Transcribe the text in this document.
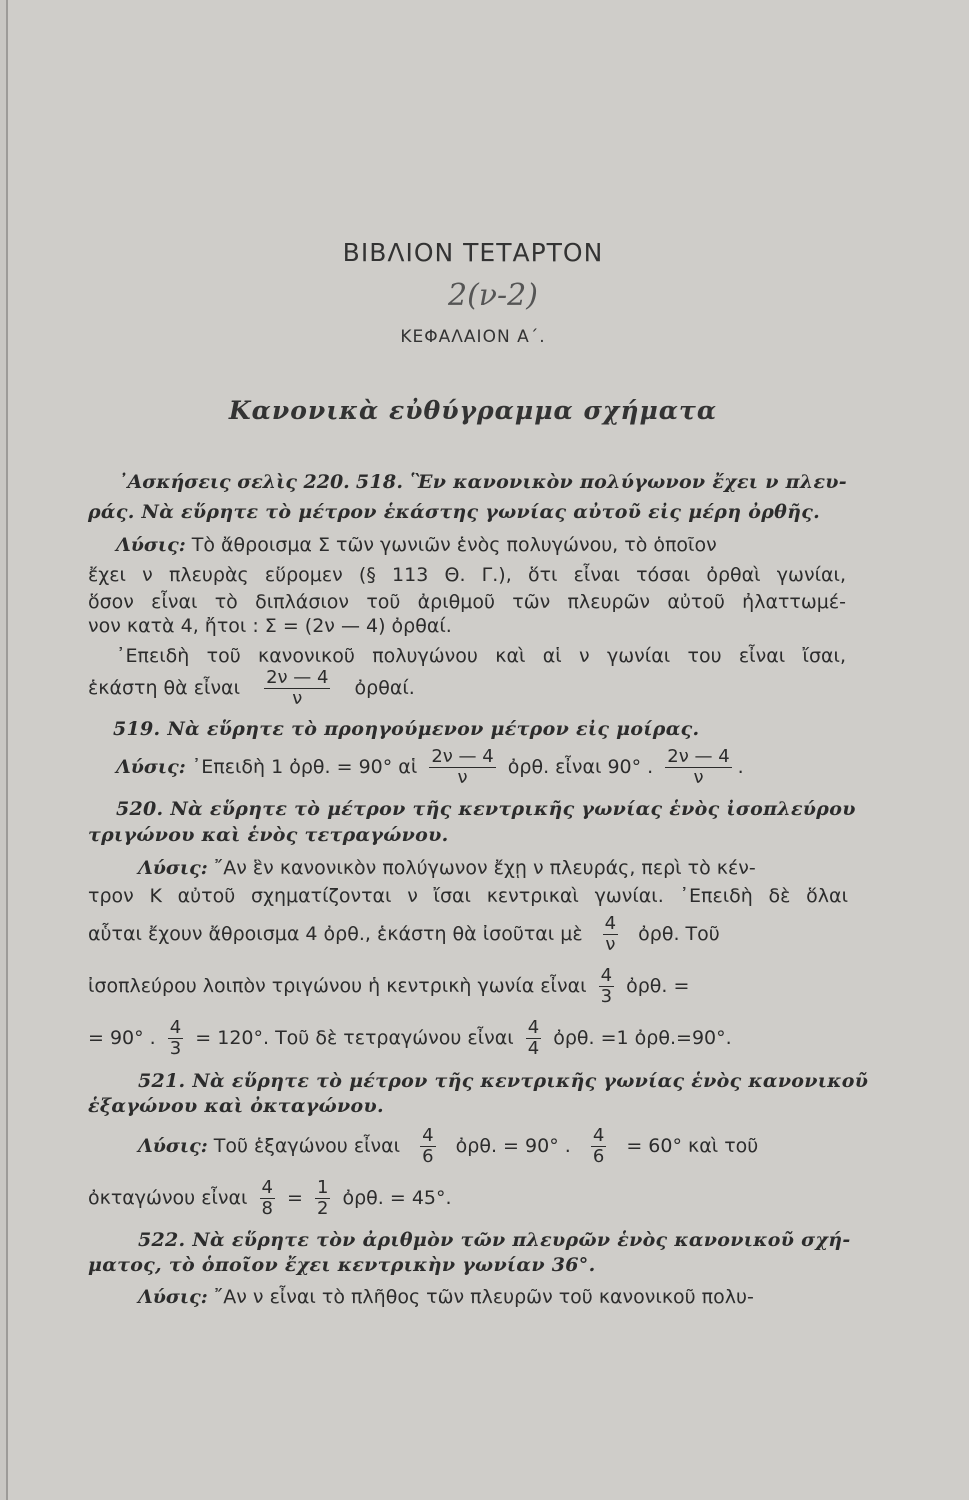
ΒΙΒΛΙΟΝ ΤΕΤΑΡΤΟΝ
2(ν-2)
ΚΕΦΑΛΑΙΟΝ Α΄.
Κανονικὰ εὐθύγραμμα σχήματα
᾿Ασκήσεις σελὶς 220. 518. Ἓν κανονικὸν πολύγωνον ἔχει ν πλευ-
ράς. Νὰ εὕρητε τὸ μέτρον ἑκάστης γωνίας αὐτοῦ εἰς μέρη ὀρθῆς.
Λύσις: Τὸ ἄθροισμα Σ τῶν γωνιῶν ἑνὸς πολυγώνου, τὸ ὁποῖον
ἔχει ν πλευρὰς εὕρομεν (§ 113 Θ. Γ.), ὅτι εἶναι τόσαι ὀρθαὶ γωνίαι,
ὅσον εἶναι τὸ διπλάσιον τοῦ ἀριθμοῦ τῶν πλευρῶν αὐτοῦ ἠλαττωμέ-
νον κατὰ 4, ἤτοι : Σ = (2ν — 4) ὀρθαί.
᾿Επειδὴ τοῦ κανονικοῦ πολυγώνου καὶ αἱ ν γωνίαι του εἶναι ἴσαι,
ἑκάστη θὰ εἶναι $\frac{2\nu — 4}{\nu}$ ὀρθαί.
519. Νὰ εὕρητε τὸ προηγούμενον μέτρον εἰς μοίρας.
Λύσις: ᾿Επειδὴ 1 ὀρθ. = 90° αἱ $\frac{2\nu — 4}{\nu}$ ὀρθ. εἶναι 90° . $\frac{2\nu — 4}{\nu}$ .
520. Νὰ εὕρητε τὸ μέτρον τῆς κεντρικῆς γωνίας ἑνὸς ἰσοπλεύρου
τριγώνου καὶ ἑνὸς τετραγώνου.
Λύσις: ῎Αν ἓν κανονικὸν πολύγωνον ἔχῃ ν πλευράς, περὶ τὸ κέν-
τρον Κ αὐτοῦ σχηματίζονται ν ἴσαι κεντρικαὶ γωνίαι. ᾿Επειδὴ δὲ ὅλαι
αὗται ἔχουν ἄθροισμα 4 ὀρθ., ἑκάστη θὰ ἰσοῦται μὲ $\frac{4}{\nu}$ ὀρθ. Τοῦ
ἰσοπλεύρου λοιπὸν τριγώνου ἡ κεντρικὴ γωνία εἶναι $\frac{4}{3}$ ὀρθ. =
= 90° . $\frac{4}{3} = 120^\circ$. Τοῦ δὲ τετραγώνου εἶναι $\frac{4}{4}$ ὀρθ. =1 ὀρθ.=90°.
521. Νὰ εὕρητε τὸ μέτρον τῆς κεντρικῆς γωνίας ἑνὸς κανονικοῦ
ἑξαγώνου καὶ ὀκταγώνου.
Λύσις: Τοῦ ἑξαγώνου εἶναι $\frac{4}{6}$ ὀρθ. = 90° . $\frac{4}{6} = 60^\circ$ καὶ τοῦ
ὀκταγώνου εἶναι $\frac{4}{8} = \frac{1}{2}$ ὀρθ. = 45°.
522. Νὰ εὕρητε τὸν ἀριθμὸν τῶν πλευρῶν ἑνὸς κανονικοῦ σχή-
ματος, τὸ ὁποῖον ἔχει κεντρικὴν γωνίαν 36°.
Λύσις: ῎Αν ν εἶναι τὸ πλῆθος τῶν πλευρῶν τοῦ κανονικοῦ πολυ-
